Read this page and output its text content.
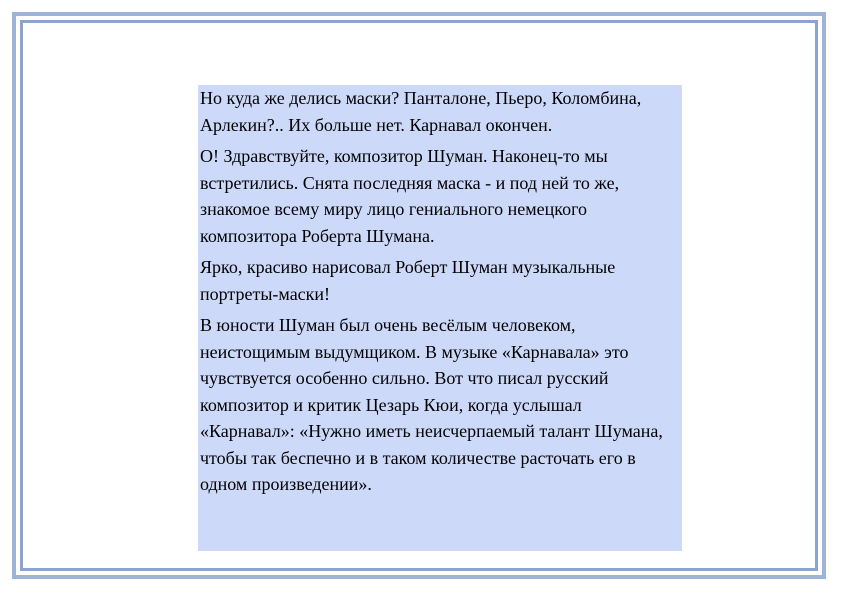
Но куда же делись маски? Панталоне, Пьеро, Коломбина, Арлекин?.. Их больше нет. Карнавал окончен.

О! Здравствуйте, композитор Шуман. Наконец-то мы встретились. Снята последняя маска - и под ней то же, знакомое всему миру лицо гениального немецкого композитора Роберта Шумана.

Ярко, красиво нарисовал Роберт Шуман музыкальные портреты-маски!

В юности Шуман был очень весёлым человеком, неистощимым выдумщиком. В музыке «Карнавала» это чувствуется особенно сильно. Вот что писал русский композитор и критик Цезарь Кюи, когда услышал «Карнавал»: «Нужно иметь неисчерпаемый талант Шумана, чтобы так беспечно и в таком количестве расточать его в одном произведении».
